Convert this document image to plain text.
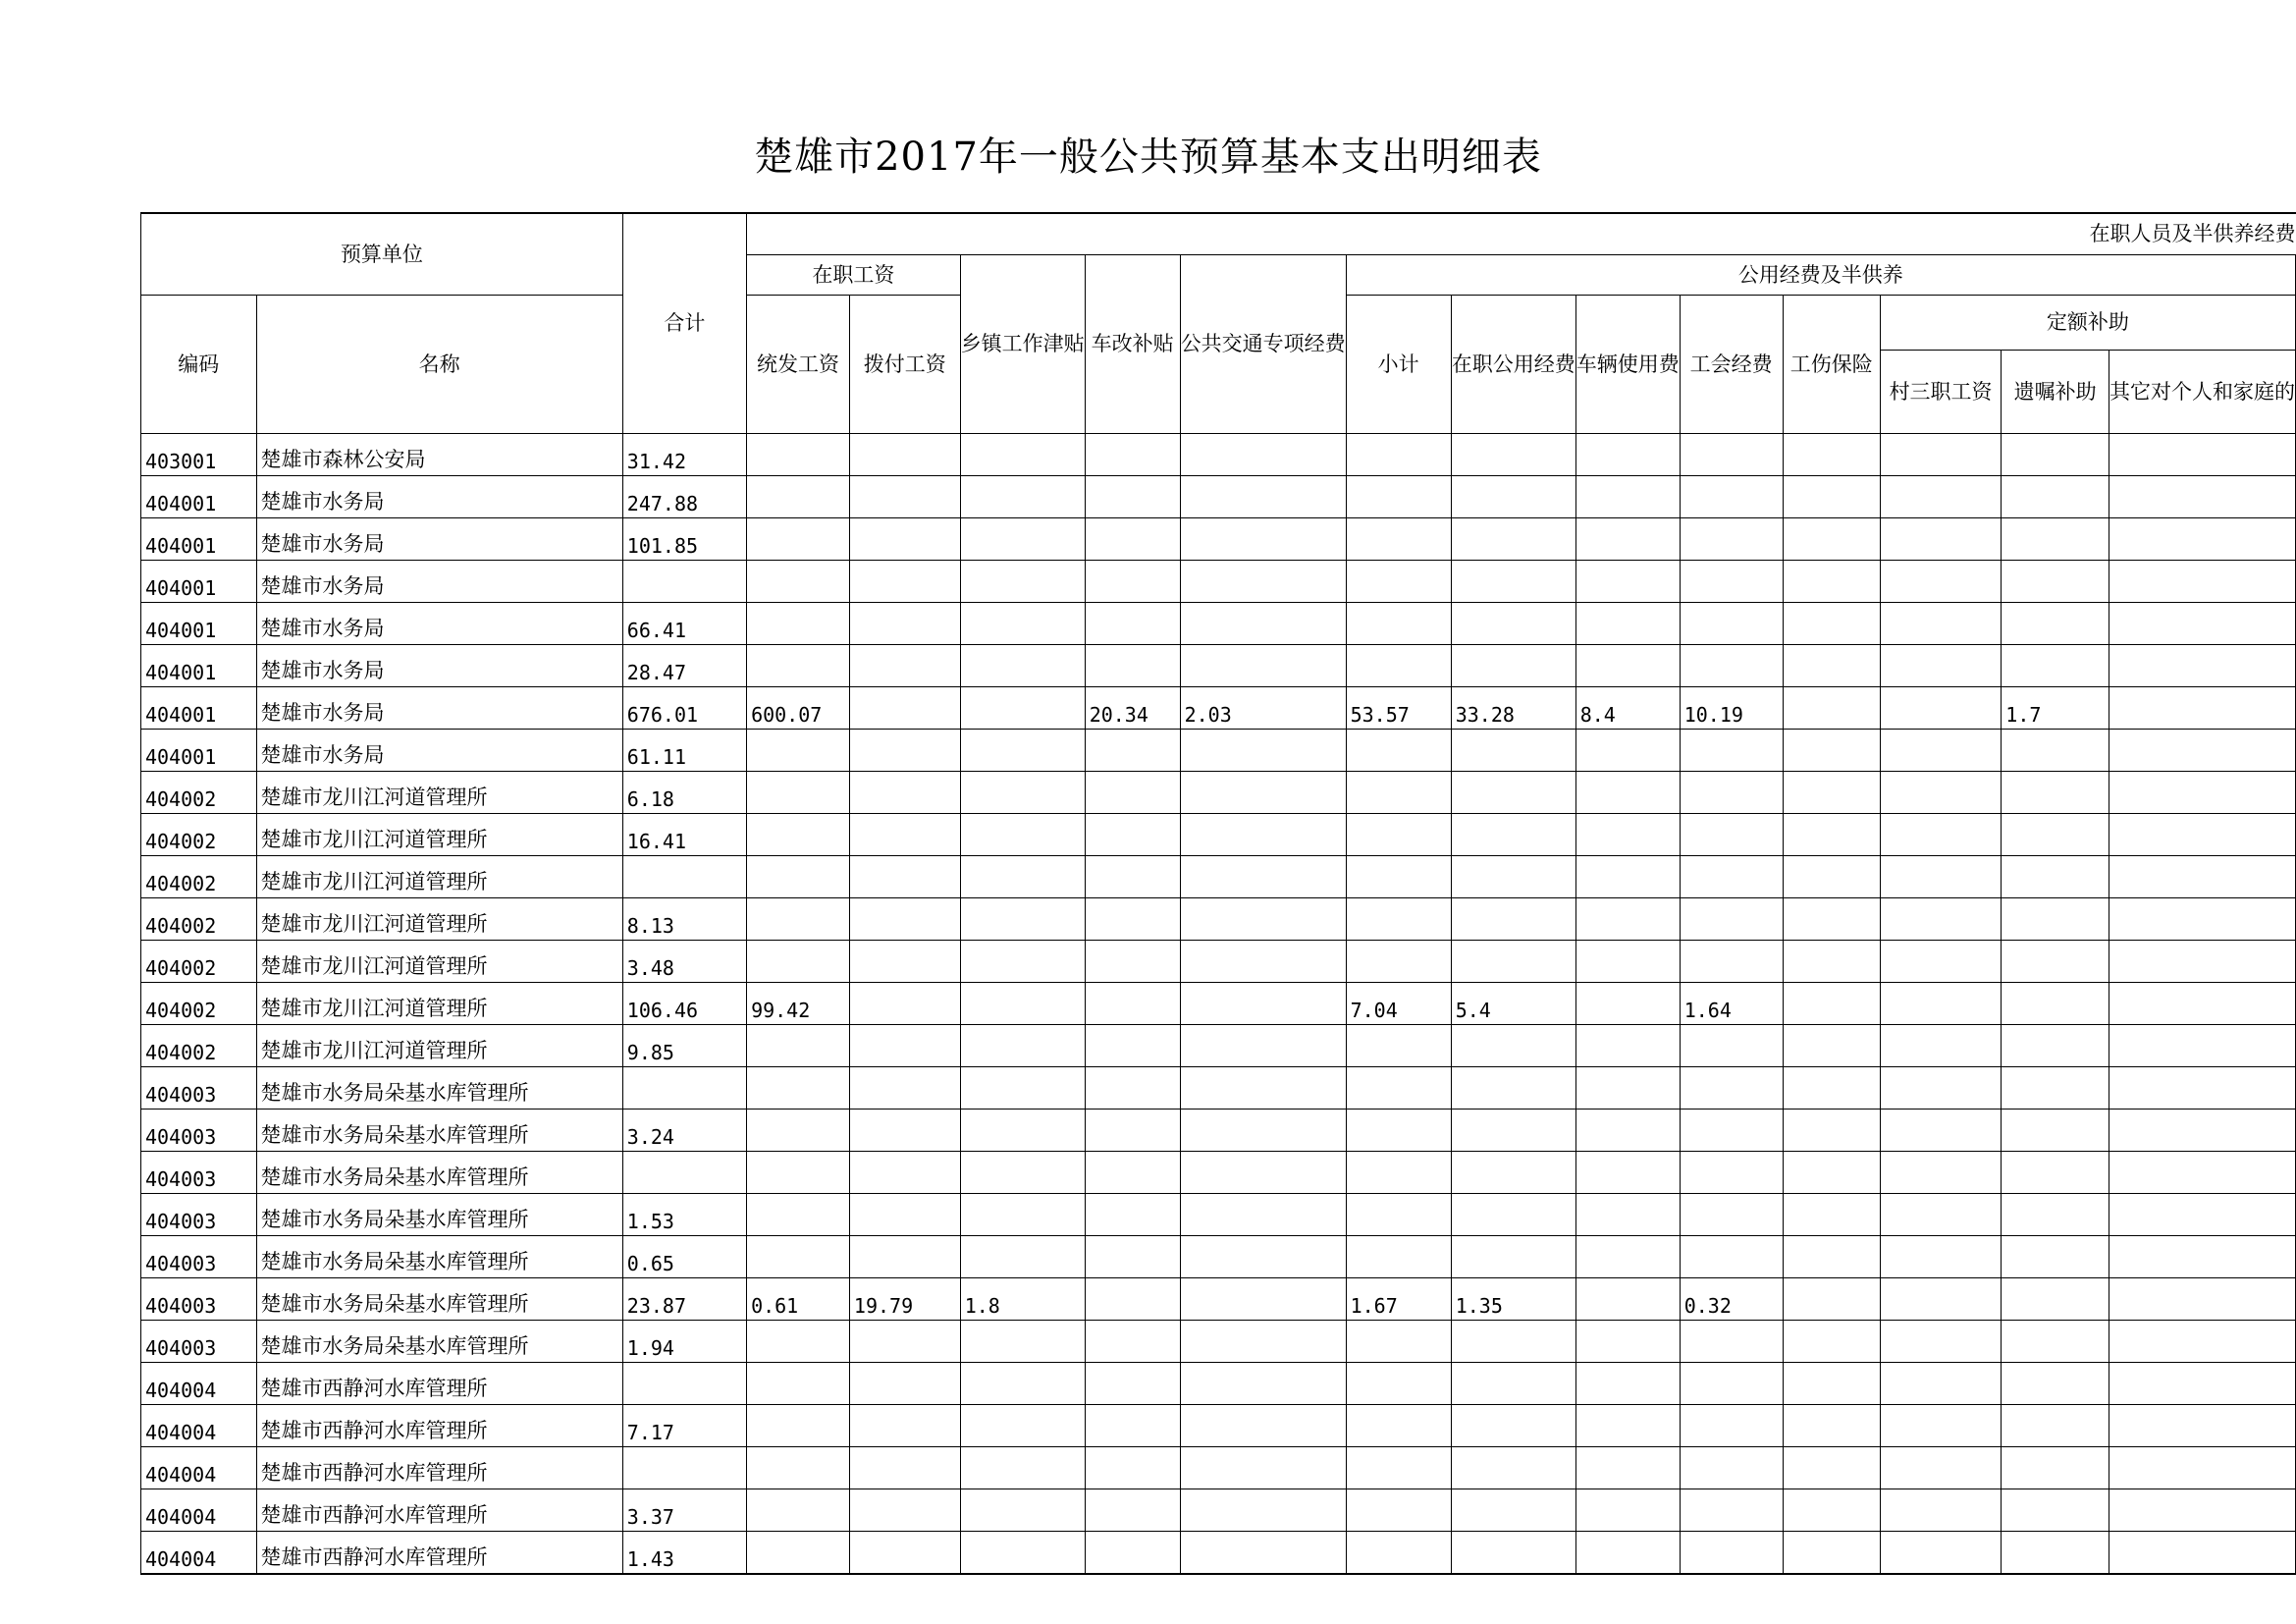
楚雄市2017年一般公共预算基本支出明细表
预算单位		合计	在职人员及半供养经费												
			在职工资		乡镇工作津贴	车改补贴	公共交通专项经费	公用经费及半供养							
编码	名称		统发工资	拨付工资				小计	在职公用经费	车辆使用费	工会经费	工伤保险	定额补助		
													村三职工资	遗嘱补助	其它对个人和家庭的
403001	楚雄市森林公安局	31.42													
404001	楚雄市水务局	247.88													
404001	楚雄市水务局	101.85													
404001	楚雄市水务局														
404001	楚雄市水务局	66.41													
404001	楚雄市水务局	28.47													
404001	楚雄市水务局	676.01	600.07			20.34	2.03	53.57	33.28	8.4	10.19			1.7	
404001	楚雄市水务局	61.11													
404002	楚雄市龙川江河道管理所	6.18													
404002	楚雄市龙川江河道管理所	16.41													
404002	楚雄市龙川江河道管理所														
404002	楚雄市龙川江河道管理所	8.13													
404002	楚雄市龙川江河道管理所	3.48													
404002	楚雄市龙川江河道管理所	106.46	99.42					7.04	5.4		1.64				
404002	楚雄市龙川江河道管理所	9.85													
404003	楚雄市水务局朵基水库管理所														
404003	楚雄市水务局朵基水库管理所	3.24													
404003	楚雄市水务局朵基水库管理所														
404003	楚雄市水务局朵基水库管理所	1.53													
404003	楚雄市水务局朵基水库管理所	0.65													
404003	楚雄市水务局朵基水库管理所	23.87	0.61	19.79	1.8			1.67	1.35		0.32				
404003	楚雄市水务局朵基水库管理所	1.94													
404004	楚雄市西静河水库管理所														
404004	楚雄市西静河水库管理所	7.17													
404004	楚雄市西静河水库管理所														
404004	楚雄市西静河水库管理所	3.37													
404004	楚雄市西静河水库管理所	1.43													
